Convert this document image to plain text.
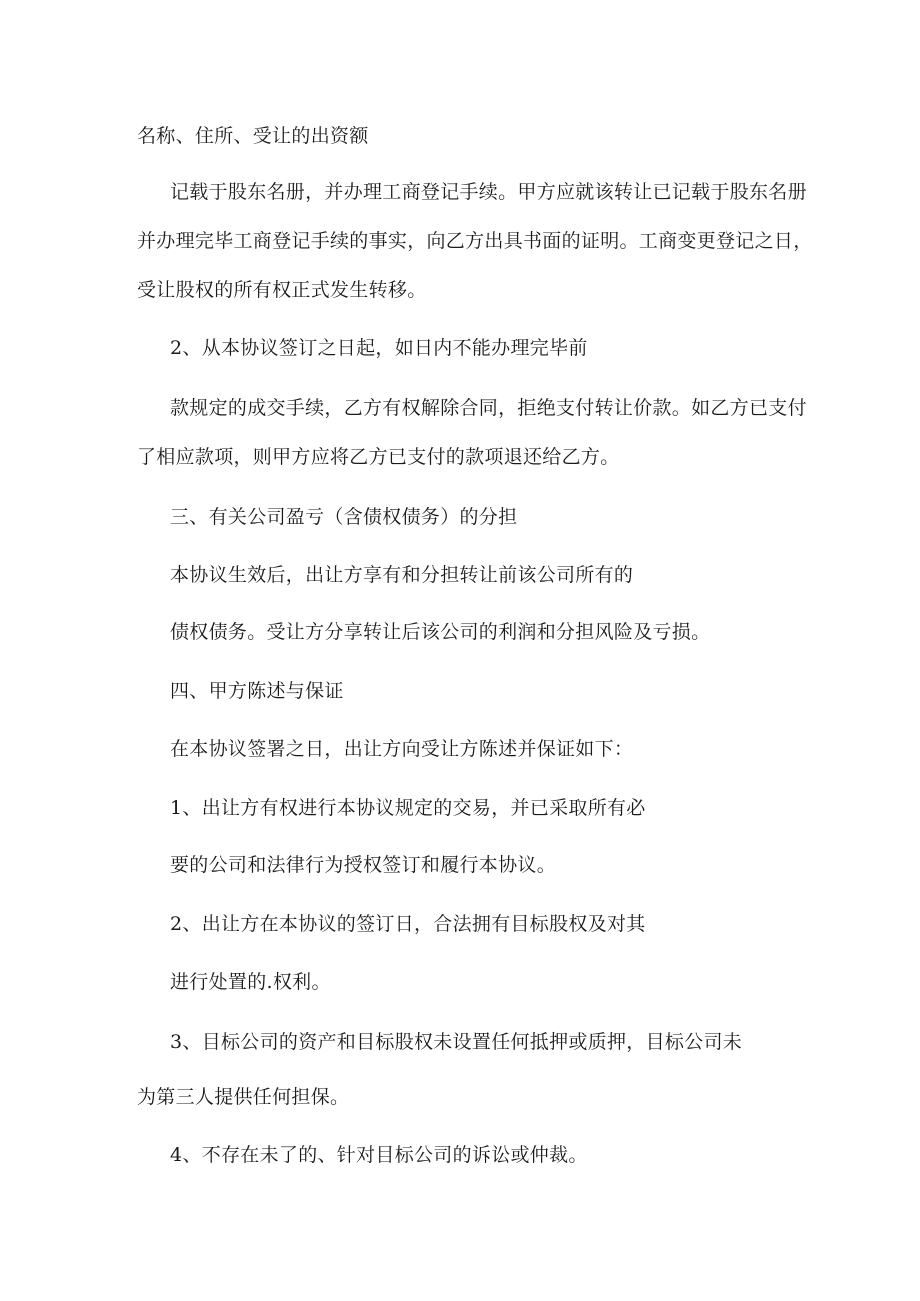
名称、住所、受让的出资额
记载于股东名册，并办理工商登记手续。甲方应就该转让已记载于股东名册
并办理完毕工商登记手续的事实，向乙方出具书面的证明。工商变更登记之日，
受让股权的所有权正式发生转移。
2、从本协议签订之日起，如日内不能办理完毕前
款规定的成交手续，乙方有权解除合同，拒绝支付转让价款。如乙方已支付
了相应款项，则甲方应将乙方已支付的款项退还给乙方。
三、有关公司盈亏（含债权债务）的分担
本协议生效后，出让方享有和分担转让前该公司所有的
债权债务。受让方分享转让后该公司的利润和分担风险及亏损。
四、甲方陈述与保证
在本协议签署之日，出让方向受让方陈述并保证如下：
1、出让方有权进行本协议规定的交易，并已采取所有必
要的公司和法律行为授权签订和履行本协议。
2、出让方在本协议的签订日，合法拥有目标股权及对其
进行处置的.权利。
3、目标公司的资产和目标股权未设置任何抵押或质押，目标公司未
为第三人提供任何担保。
4、不存在未了的、针对目标公司的诉讼或仲裁。
